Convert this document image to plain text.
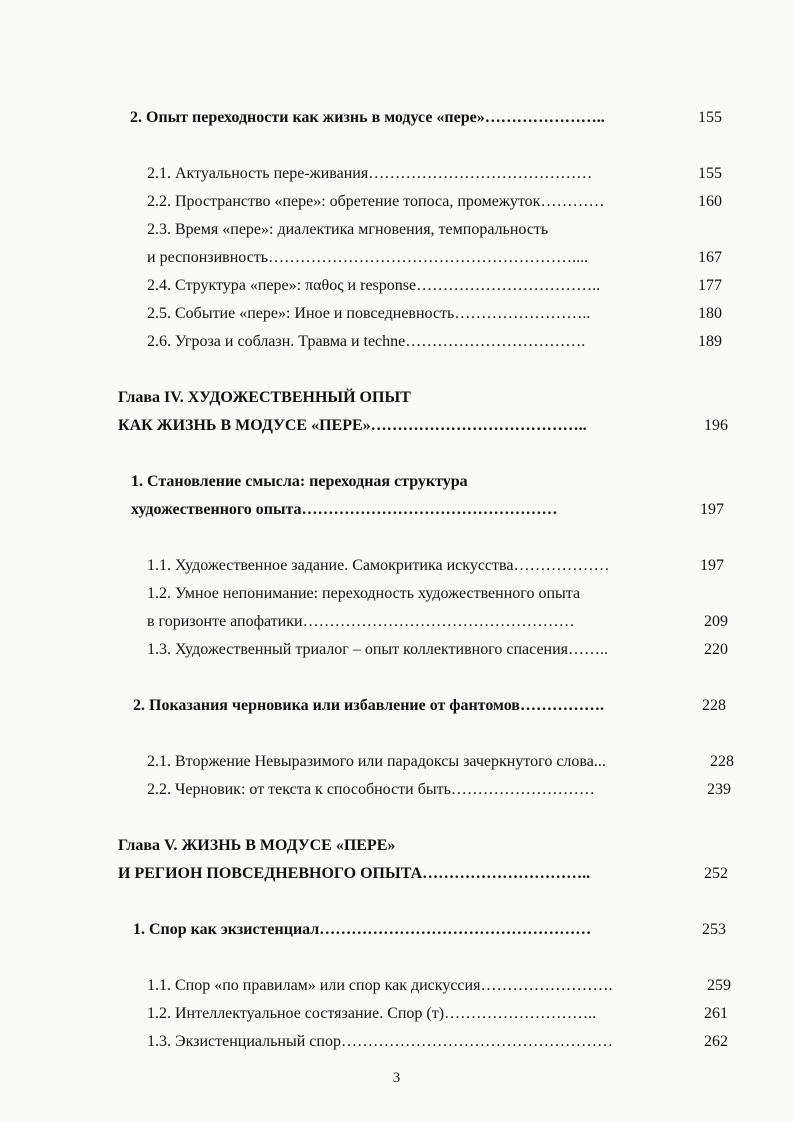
2. Опыт переходности как жизнь в модусе «пере»…………………..	155
2.1. Актуальность пере-живания……………………………………	155
2.2. Пространство «пере»: обретение топоса, промежуток…………	160
2.3. Время «пере»: диалектика мгновения, темпоральность
и респонзивность…………………………………………………....	167
2.4. Структура «пере»: παθος и response……………………………..	177
2.5. Событие «пере»: Иное и повседневность……………………..	180
2.6. Угроза и соблазн. Травма и techne…………………………….	189
Глава IV. ХУДОЖЕСТВЕННЫЙ ОПЫТ
КАК ЖИЗНЬ В МОДУСЕ «ПЕРЕ»…………………………………..	196
1. Становление смысла: переходная структура
художественного опыта…………………………………………	197
1.1. Художественное задание. Самокритика искусства………………	197
1.2. Умное непонимание: переходность художественного опыта
в горизонте апофатики……………………………………………	209
1.3. Художественный триалог – опыт коллективного спасения……..	220
2. Показания черновика или избавление от фантомов…………….	228
2.1. Вторжение Невыразимого или парадоксы зачеркнутого слова...	228
2.2. Черновик: от текста к способности быть………………………	239
Глава V. ЖИЗНЬ В МОДУСЕ «ПЕРЕ»
И РЕГИОН ПОВСЕДНЕВНОГО ОПЫТА…………………………..	252
1. Спор как экзистенциал……………………………………………	253
1.1. Спор «по правилам» или спор как дискуссия…………………….	259
1.2. Интеллектуальное состязание. Спор (т)………………………..	261
1.3. Экзистенциальный спор……………………………………………	262
3
